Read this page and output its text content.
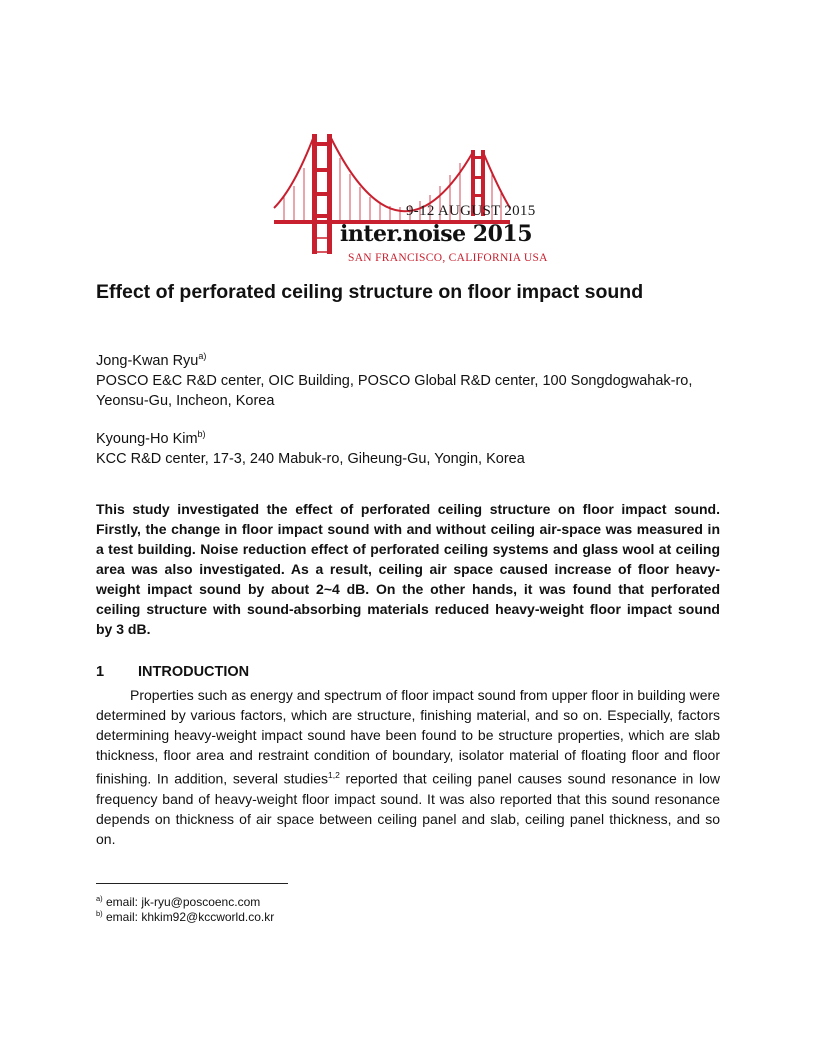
9-12 AUGUST 2015
inter.noise 2015
SAN FRANCISCO, CALIFORNIA USA
Effect of perforated ceiling structure on floor impact sound
Jong-Kwan Ryu$^{a)}$
POSCO E&C R&D center, OIC Building, POSCO Global R&D center, 100 Songdogwahak-ro,
Yeonsu-Gu, Incheon, Korea
Kyoung-Ho Kim$^{b)}$
KCC R&D center, 17-3, 240 Mabuk-ro, Giheung-Gu, Yongin, Korea

This study investigated the effect of perforated ceiling structure on floor impact sound. Firstly, the change in floor impact sound with and without ceiling air-space was measured in a test building. Noise reduction effect of perforated ceiling systems and glass wool at ceiling area was also investigated. As a result, ceiling air space caused increase of floor heavy-weight impact sound by about 2~4 dB. On the other hands, it was found that perforated ceiling structure with sound-absorbing materials reduced heavy-weight floor impact sound by 3 dB.

1 INTRODUCTION

Properties such as energy and spectrum of floor impact sound from upper floor in building were determined by various factors, which are structure, finishing material, and so on. Especially, factors determining heavy-weight impact sound have been found to be structure properties, which are slab thickness, floor area and restraint condition of boundary, isolator material of floating floor and floor finishing. In addition, several studies$^{1,2}$ reported that ceiling panel causes sound resonance in low frequency band of heavy-weight floor impact sound. It was also reported that this sound resonance depends on thickness of air space between ceiling panel and slab, ceiling panel thickness, and so on.

$^{a)}$ email: jk-ryu@poscoenc.com
$^{b)}$ email: khkim92@kccworld.co.kr
